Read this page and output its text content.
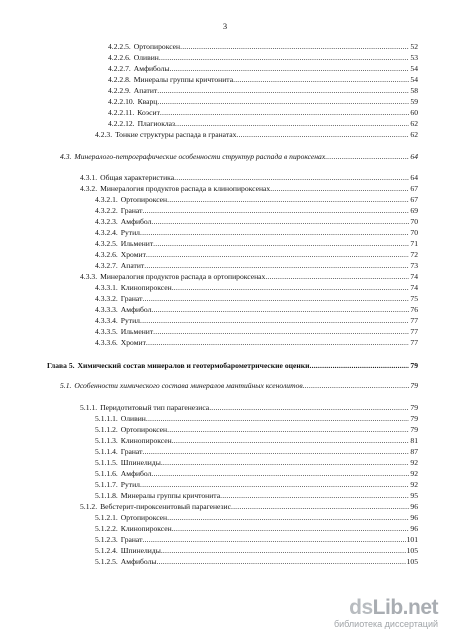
3
4.2.2.5. Ортопироксен .....	52
4.2.2.6. Оливин .....	53
4.2.2.7. Амфиболы .....	54
4.2.2.8. Минералы группы кричтонита .....	54
4.2.2.9. Апатит .....	58
4.2.2.10. Кварц .....	59
4.2.2.11. Коэсит .....	60
4.2.2.12. Плагиоклаз .....	62
4.2.3. Тонкие структуры распада в гранатах .....	62
4.3. Минералого-петрографические особенности структур распада в пироксенах .....	64
4.3.1. Общая характеристика .....	64
4.3.2. Минералогия продуктов распада в клинопироксенах .....	67
4.3.2.1. Ортопироксен .....	67
4.3.2.2. Гранат .....	69
4.3.2.3. Амфибол .....	70
4.3.2.4. Рутил .....	70
4.3.2.5. Ильменит .....	71
4.3.2.6. Хромит .....	72
4.3.2.7. Апатит .....	73
4.3.3. Минералогия продуктов распада в ортопироксенах .....	74
4.3.3.1. Клинопироксен .....	74
4.3.3.2. Гранат .....	75
4.3.3.3. Амфибол .....	76
4.3.3.4. Рутил .....	77
4.3.3.5. Ильменит .....	77
4.3.3.6. Хромит .....	77
Глава 5. Химический состав минералов и геотермобарометрические оценки .....	79
5.1. Особенности химического состава минералов мантийных ксенолитов .....	79
5.1.1. Перидотитовый тип парагенезиса .....	79
5.1.1.1. Оливин .....	79
5.1.1.2. Ортопироксен .....	79
5.1.1.3. Клинопироксен .....	81
5.1.1.4. Гранат .....	87
5.1.1.5. Шпинелиды .....	92
5.1.1.6. Амфибол .....	92
5.1.1.7. Рутил .....	92
5.1.1.8. Минералы группы кричтонита .....	95
5.1.2. Вебстерит-пироксенитовый парагенезис .....	96
5.1.2.1. Ортопироксен .....	96
5.1.2.2. Клинопироксен .....	96
5.1.2.3. Гранат .....	101
5.1.2.4. Шпинелиды .....	105
5.1.2.5. Амфиболы .....	105
dsLib.net
библиотека диссертаций
